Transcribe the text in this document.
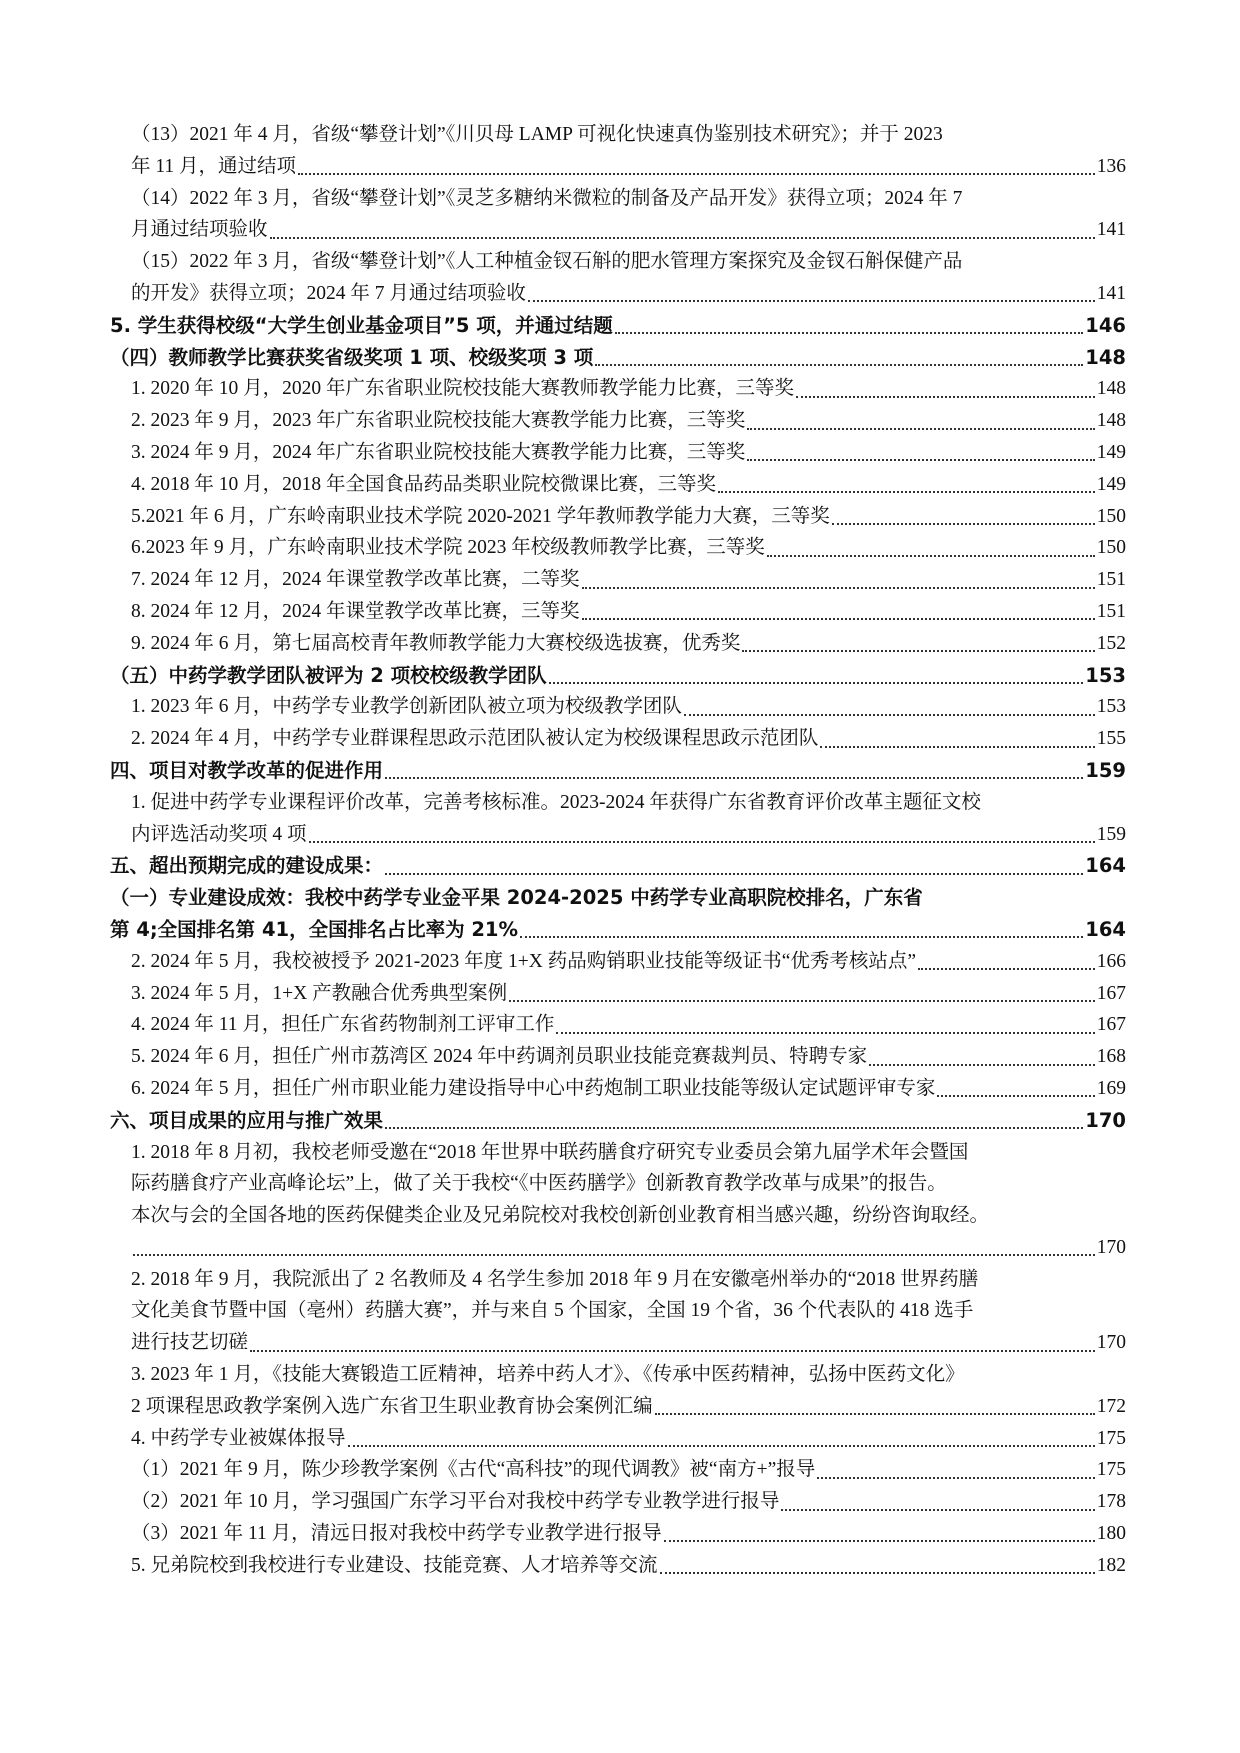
（13）2021 年 4 月，省级“攀登计划”《川贝母 LAMP 可视化快速真伪鉴别技术研究》；并于 2023
年 11 月，通过结项	136
（14）2022 年 3 月，省级“攀登计划”《灵芝多糖纳米微粒的制备及产品开发》获得立项；2024 年 7
月通过结项验收	141
（15）2022 年 3 月，省级“攀登计划”《人工种植金钗石斛的肥水管理方案探究及金钗石斛保健产品
的开发》获得立项；2024 年 7 月通过结项验收	141
5. 学生获得校级“大学生创业基金项目”5 项，并通过结题	146
（四）教师教学比赛获奖省级奖项 1 项、校级奖项 3 项	148
1. 2020 年 10 月，2020 年广东省职业院校技能大赛教师教学能力比赛，三等奖	148
2. 2023 年 9 月，2023 年广东省职业院校技能大赛教学能力比赛，三等奖	148
3. 2024 年 9 月，2024 年广东省职业院校技能大赛教学能力比赛，三等奖	149
4. 2018 年 10 月，2018 年全国食品药品类职业院校微课比赛，三等奖	149
5.2021 年 6 月，广东岭南职业技术学院 2020-2021 学年教师教学能力大赛，三等奖	150
6.2023 年 9 月，广东岭南职业技术学院 2023 年校级教师教学比赛，三等奖	150
7. 2024 年 12 月，2024 年课堂教学改革比赛，二等奖	151
8. 2024 年 12 月，2024 年课堂教学改革比赛，三等奖	151
9. 2024 年 6 月，第七届高校青年教师教学能力大赛校级选拔赛，优秀奖	152
（五）中药学教学团队被评为 2 项校校级教学团队	153
1. 2023 年 6 月，中药学专业教学创新团队被立项为校级教学团队	153
2. 2024 年 4 月，中药学专业群课程思政示范团队被认定为校级课程思政示范团队	155
四、项目对教学改革的促进作用	159
1. 促进中药学专业课程评价改革，完善考核标准。2023-2024 年获得广东省教育评价改革主题征文校
内评选活动奖项 4 项	159
五、超出预期完成的建设成果：	164
（一）专业建设成效：我校中药学专业金平果 2024-2025 中药学专业高职院校排名，广东省
第 4;全国排名第 41，全国排名占比率为 21%	164
2. 2024 年 5 月，我校被授予 2021-2023 年度 1+X 药品购销职业技能等级证书“优秀考核站点”	166
3. 2024 年 5 月，1+X 产教融合优秀典型案例	167
4. 2024 年 11 月，担任广东省药物制剂工评审工作	167
5. 2024 年 6 月，担任广州市荔湾区 2024 年中药调剂员职业技能竞赛裁判员、特聘专家	168
6. 2024 年 5 月，担任广州市职业能力建设指导中心中药炮制工职业技能等级认定试题评审专家	169
六、项目成果的应用与推广效果	170
1. 2018 年 8 月初，我校老师受邀在“2018 年世界中联药膳食疗研究专业委员会第九届学术年会暨国
际药膳食疗产业高峰论坛”上，做了关于我校“《中医药膳学》创新教育教学改革与成果”的报告。
本次与会的全国各地的医药保健类企业及兄弟院校对我校创新创业教育相当感兴趣，纷纷咨询取经。
170
2. 2018 年 9 月，我院派出了 2 名教师及 4 名学生参加 2018 年 9 月在安徽亳州举办的“2018 世界药膳
文化美食节暨中国（亳州）药膳大赛”，并与来自 5 个国家，全国 19 个省，36 个代表队的 418 选手
进行技艺切磋	170
3. 2023 年 1 月，《技能大赛锻造工匠精神，培养中药人才》、《传承中医药精神，弘扬中医药文化》
2 项课程思政教学案例入选广东省卫生职业教育协会案例汇编	172
4. 中药学专业被媒体报导	175
（1）2021 年 9 月，陈少珍教学案例《古代“高科技”的现代调教》被“南方+”报导	175
（2）2021 年 10 月，学习强国广东学习平台对我校中药学专业教学进行报导	178
（3）2021 年 11 月，清远日报对我校中药学专业教学进行报导	180
5. 兄弟院校到我校进行专业建设、技能竞赛、人才培养等交流	182
